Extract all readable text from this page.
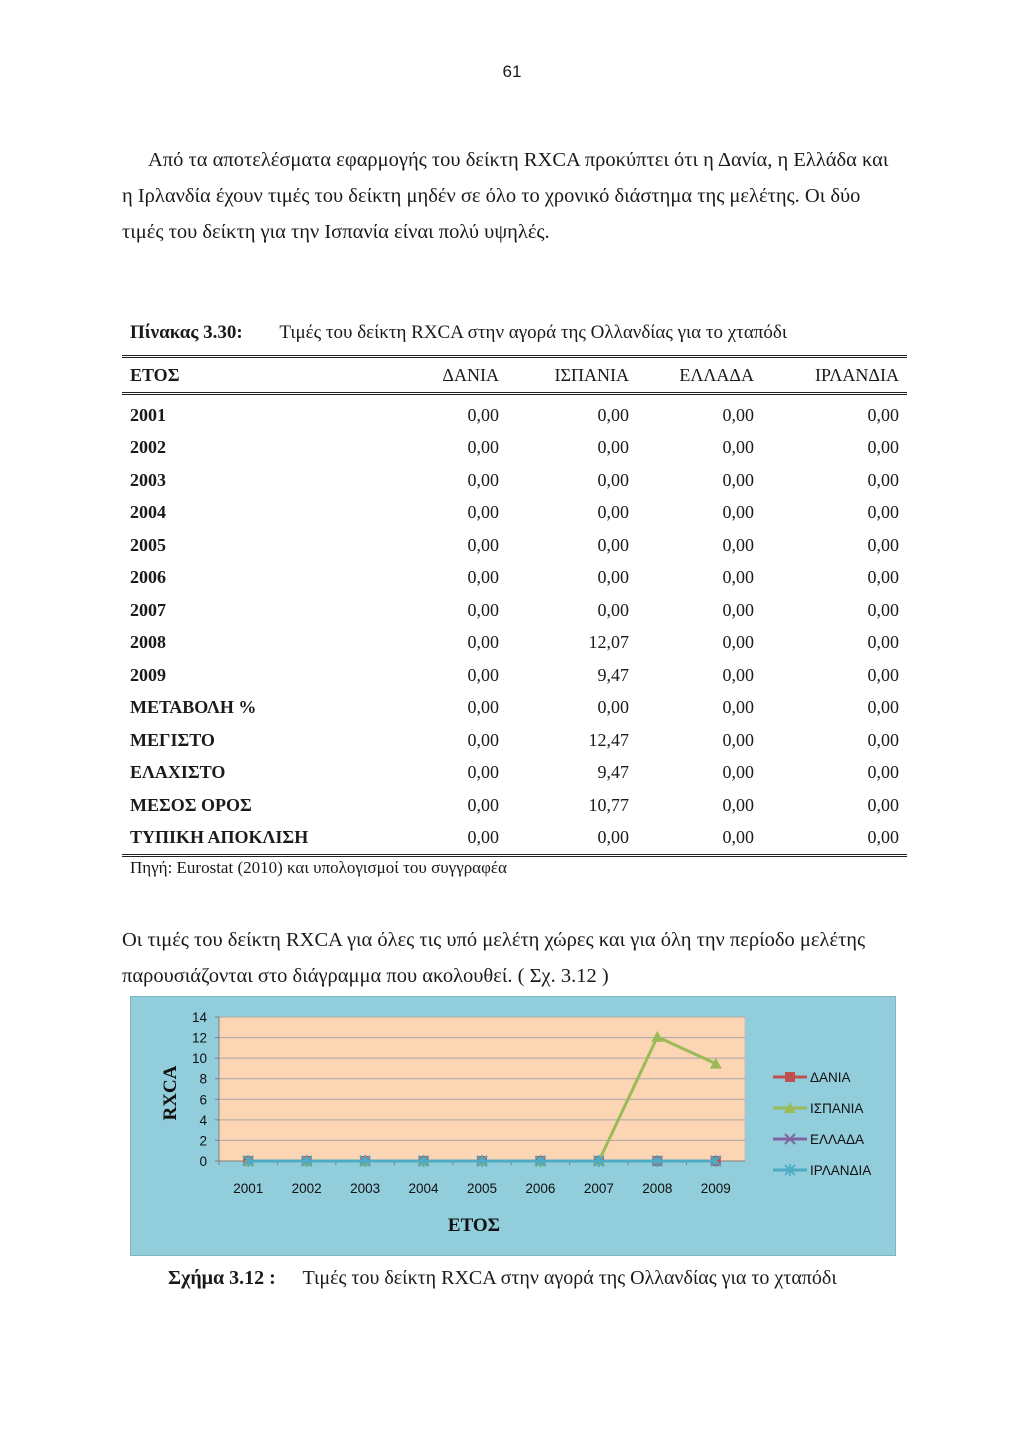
61

Από τα αποτελέσματα εφαρμογής του δείκτη RXCA προκύπτει ότι η Δανία, η Ελλάδα και

η Ιρλανδία έχουν τιμές του δείκτη μηδέν σε όλο το χρονικό διάστημα της μελέτης. Οι δύο

τιμές του δείκτη για την Ισπανία είναι πολύ υψηλές.

Πίνακας 3.30: Τιμές του δείκτη RXCA στην αγορά της Ολλανδίας για το χταπόδι
ΕΤΟΣ	ΔΑΝΙΑ	ΙΣΠΑΝΙΑ	ΕΛΛΑΔΑ	ΙΡΛΑΝΔΙΑ
2001	0,00	0,00	0,00	0,00
2002	0,00	0,00	0,00	0,00
2003	0,00	0,00	0,00	0,00
2004	0,00	0,00	0,00	0,00
2005	0,00	0,00	0,00	0,00
2006	0,00	0,00	0,00	0,00
2007	0,00	0,00	0,00	0,00
2008	0,00	12,07	0,00	0,00
2009	0,00	9,47	0,00	0,00
ΜΕΤΑΒΟΛΗ %	0,00	0,00	0,00	0,00
ΜΕΓΙΣΤΟ	0,00	12,47	0,00	0,00
ΕΛΑΧΙΣΤΟ	0,00	9,47	0,00	0,00
ΜΕΣΟΣ ΟΡΟΣ	0,00	10,77	0,00	0,00
ΤΥΠΙΚΗ ΑΠΟΚΛΙΣΗ	0,00	0,00	0,00	0,00
Πηγή: Eurostat (2010) και υπολογισμοί του συγγραφέα

Οι τιμές του δείκτη RXCA για όλες τις υπό μελέτη χώρες και για όλη την περίοδο μελέτης

παρουσιάζονται στο διάγραμμα που ακολουθεί. ( Σχ. 3.12 )

RXCA
ΕΤΟΣ
0
2
4
6
8
10
12
14
2001 2002 2003 2004 2005 2006 2007 2008 2009
ΔΑΝΙΑ
ΙΣΠΑΝΙΑ
ΕΛΛΑΔΑ
ΙΡΛΑΝΔΙΑ
Σχήμα 3.12 : Τιμές του δείκτη RXCA στην αγορά της Ολλανδίας για το χταπόδι
